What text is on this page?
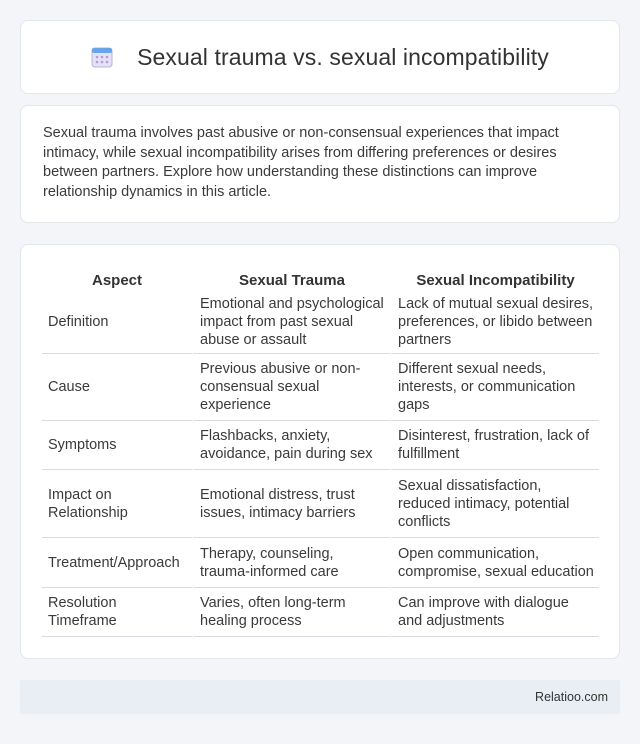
Sexual trauma vs. sexual incompatibility

Sexual trauma involves past abusive or non-consensual experiences that impact intimacy, while sexual incompatibility arises from differing preferences or desires between partners. Explore how understanding these distinctions can improve relationship dynamics in this article.

Aspect	Sexual Trauma	Sexual Incompatibility
Definition	Emotional and psychological impact from past sexual abuse or assault	Lack of mutual sexual desires, preferences, or libido between partners
Cause	Previous abusive or non-consensual sexual experience	Different sexual needs, interests, or communication gaps
Symptoms	Flashbacks, anxiety, avoidance, pain during sex	Disinterest, frustration, lack of fulfillment
Impact on Relationship	Emotional distress, trust issues, intimacy barriers	Sexual dissatisfaction, reduced intimacy, potential conflicts
Treatment/Approach	Therapy, counseling, trauma-informed care	Open communication, compromise, sexual education
Resolution Timeframe	Varies, often long-term healing process	Can improve with dialogue and adjustments
Relatioo.com
